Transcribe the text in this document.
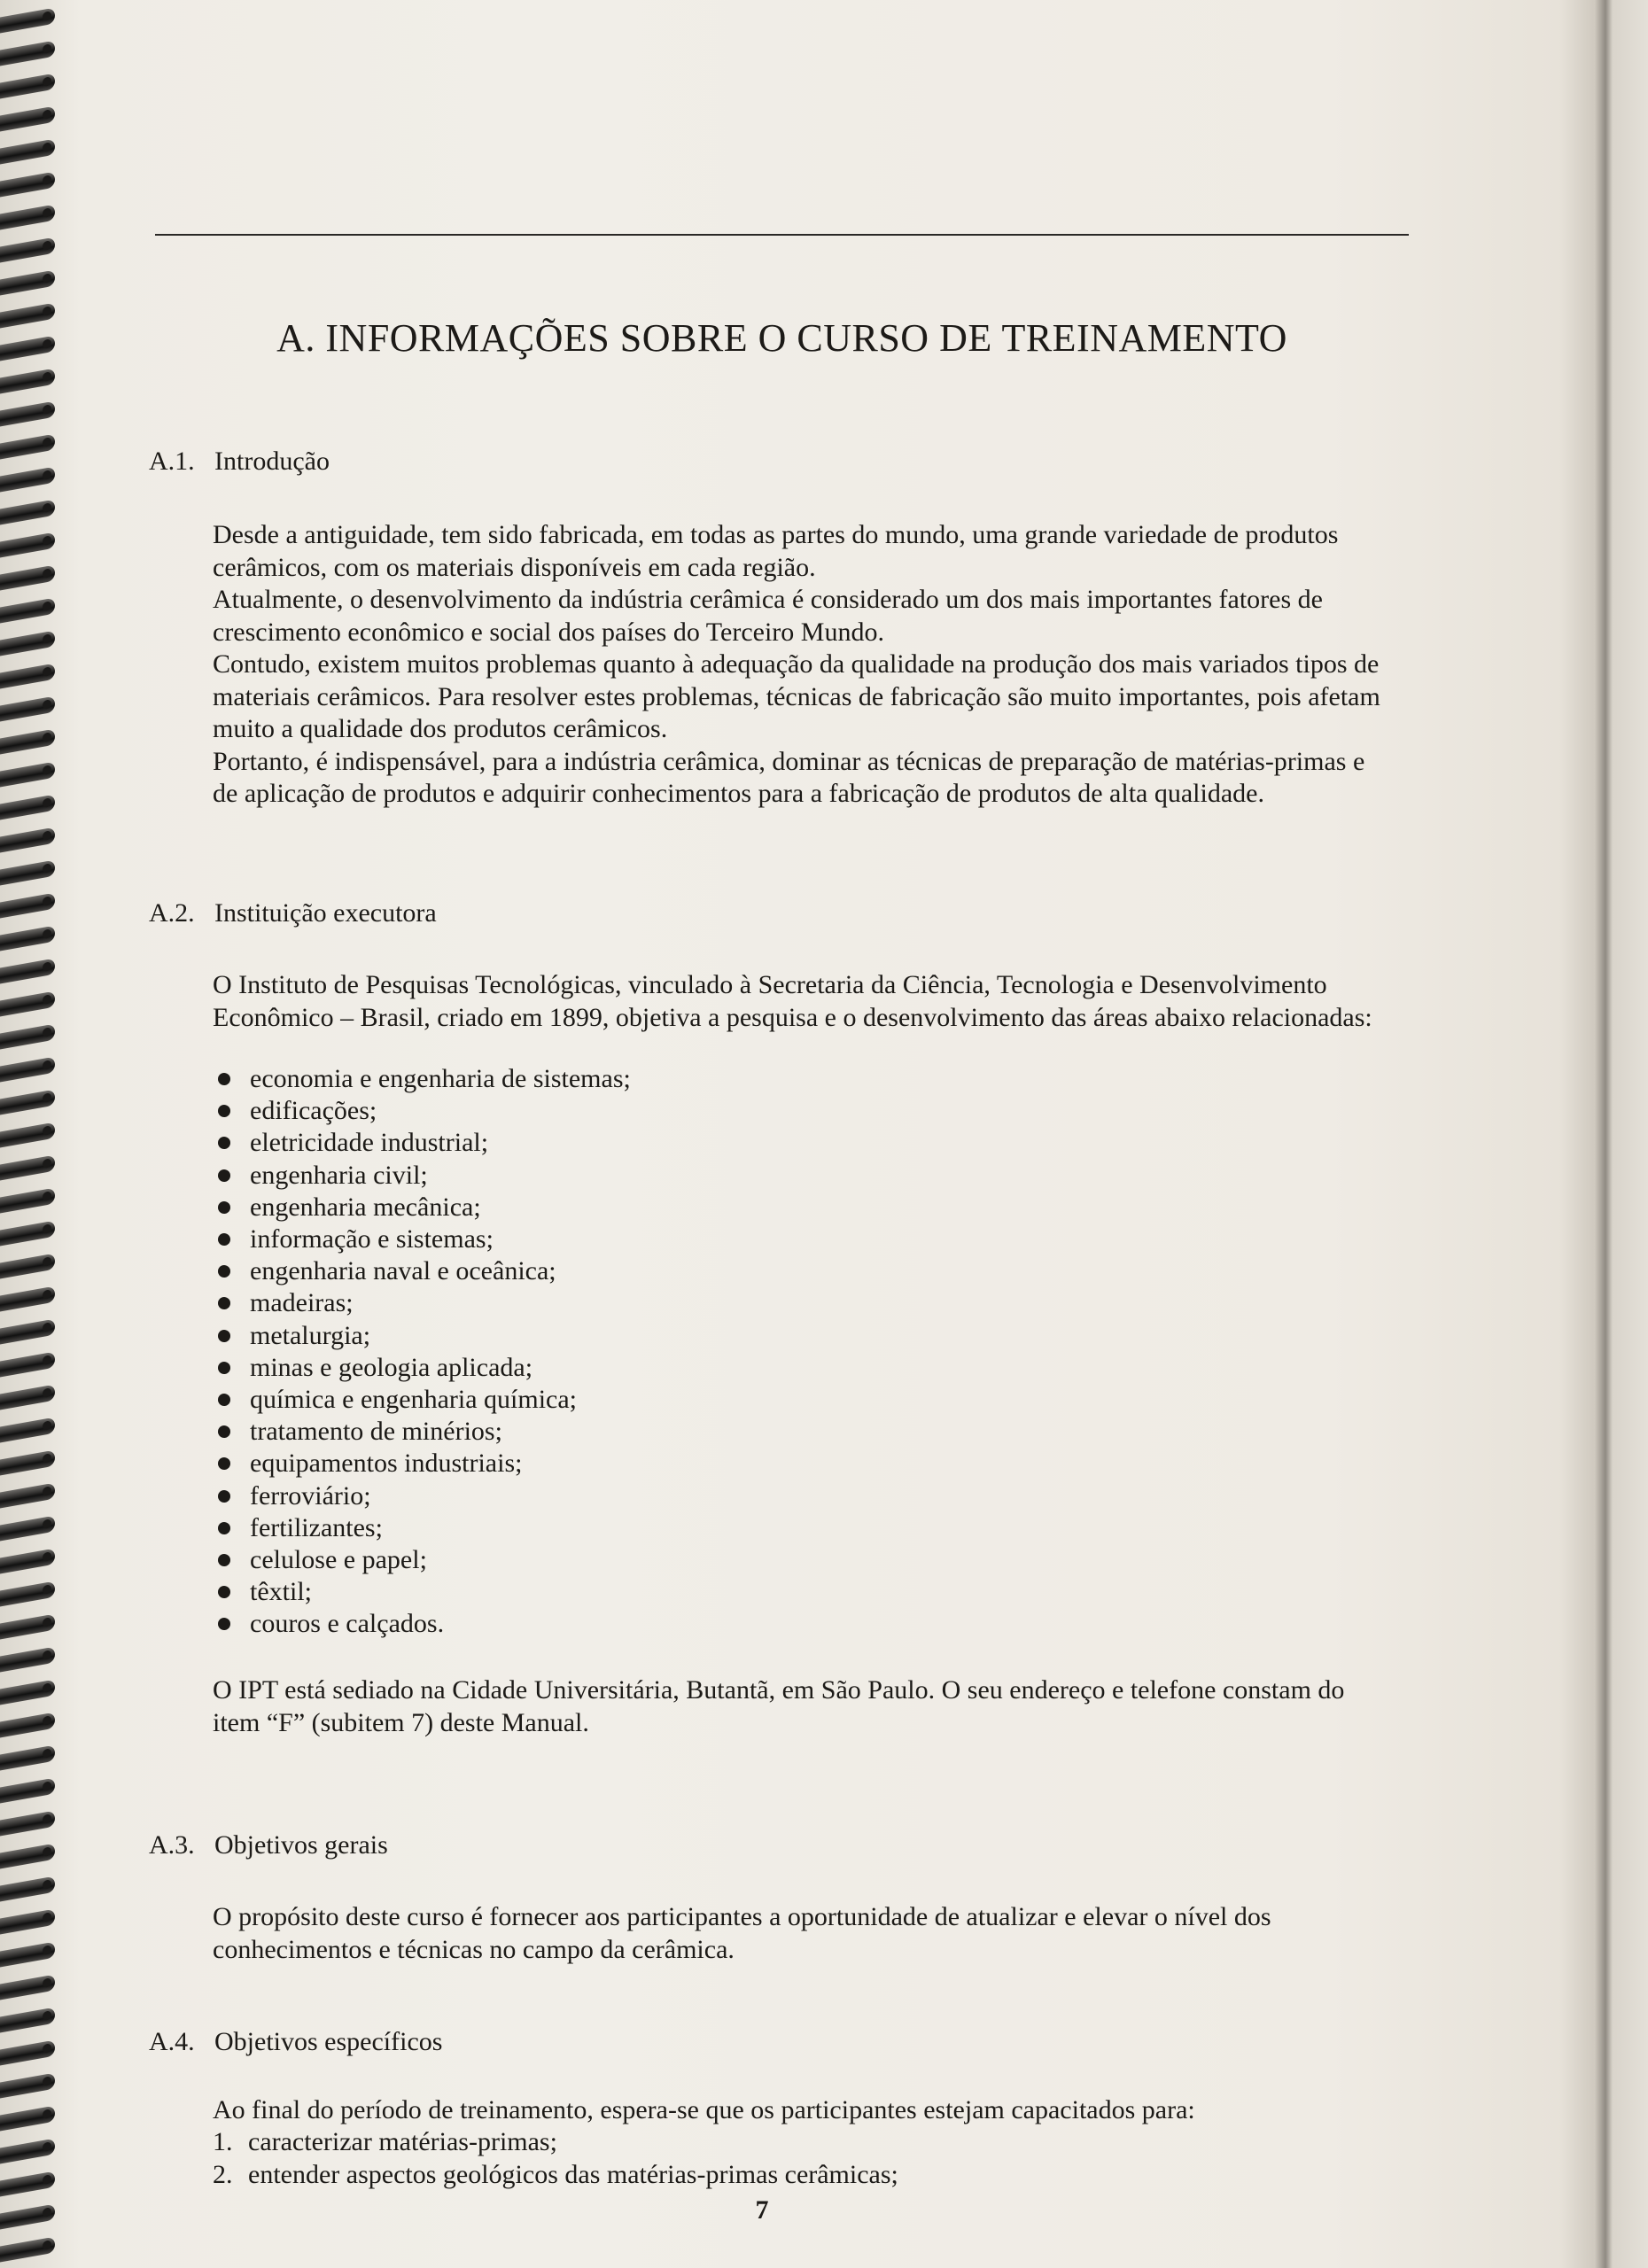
A. INFORMAÇÕES SOBRE O CURSO DE TREINAMENTO
A.1. Introdução

Desde a antiguidade, tem sido fabricada, em todas as partes do mundo, uma grande variedade de produtos cerâmicos, com os materiais disponíveis em cada região.

Atualmente, o desenvolvimento da indústria cerâmica é considerado um dos mais importantes fatores de crescimento econômico e social dos países do Terceiro Mundo.

Contudo, existem muitos problemas quanto à adequação da qualidade na produção dos mais variados tipos de materiais cerâmicos. Para resolver estes problemas, técnicas de fabricação são muito importantes, pois afetam muito a qualidade dos produtos cerâmicos.

Portanto, é indispensável, para a indústria cerâmica, dominar as técnicas de preparação de matérias-primas e de aplicação de produtos e adquirir conhecimentos para a fabricação de produtos de alta qualidade.

A.2. Instituição executora

O Instituto de Pesquisas Tecnológicas, vinculado à Secretaria da Ciência, Tecnologia e Desenvolvimento Econômico – Brasil, criado em 1899, objetiva a pesquisa e o desenvolvimento das áreas abaixo relacionadas:

economia e engenharia de sistemas;
edificações;
eletricidade industrial;
engenharia civil;
engenharia mecânica;
informação e sistemas;
engenharia naval e oceânica;
madeiras;
metalurgia;
minas e geologia aplicada;
química e engenharia química;
tratamento de minérios;
equipamentos industriais;
ferroviário;
fertilizantes;
celulose e papel;
têxtil;
couros e calçados.

O IPT está sediado na Cidade Universitária, Butantã, em São Paulo. O seu endereço e telefone constam do item “F” (subitem 7) deste Manual.

A.3. Objetivos gerais

O propósito deste curso é fornecer aos participantes a oportunidade de atualizar e elevar o nível dos conhecimentos e técnicas no campo da cerâmica.

A.4. Objetivos específicos

Ao final do período de treinamento, espera-se que os participantes estejam capacitados para:

1. caracterizar matérias-primas;
2. entender aspectos geológicos das matérias-primas cerâmicas;
7
